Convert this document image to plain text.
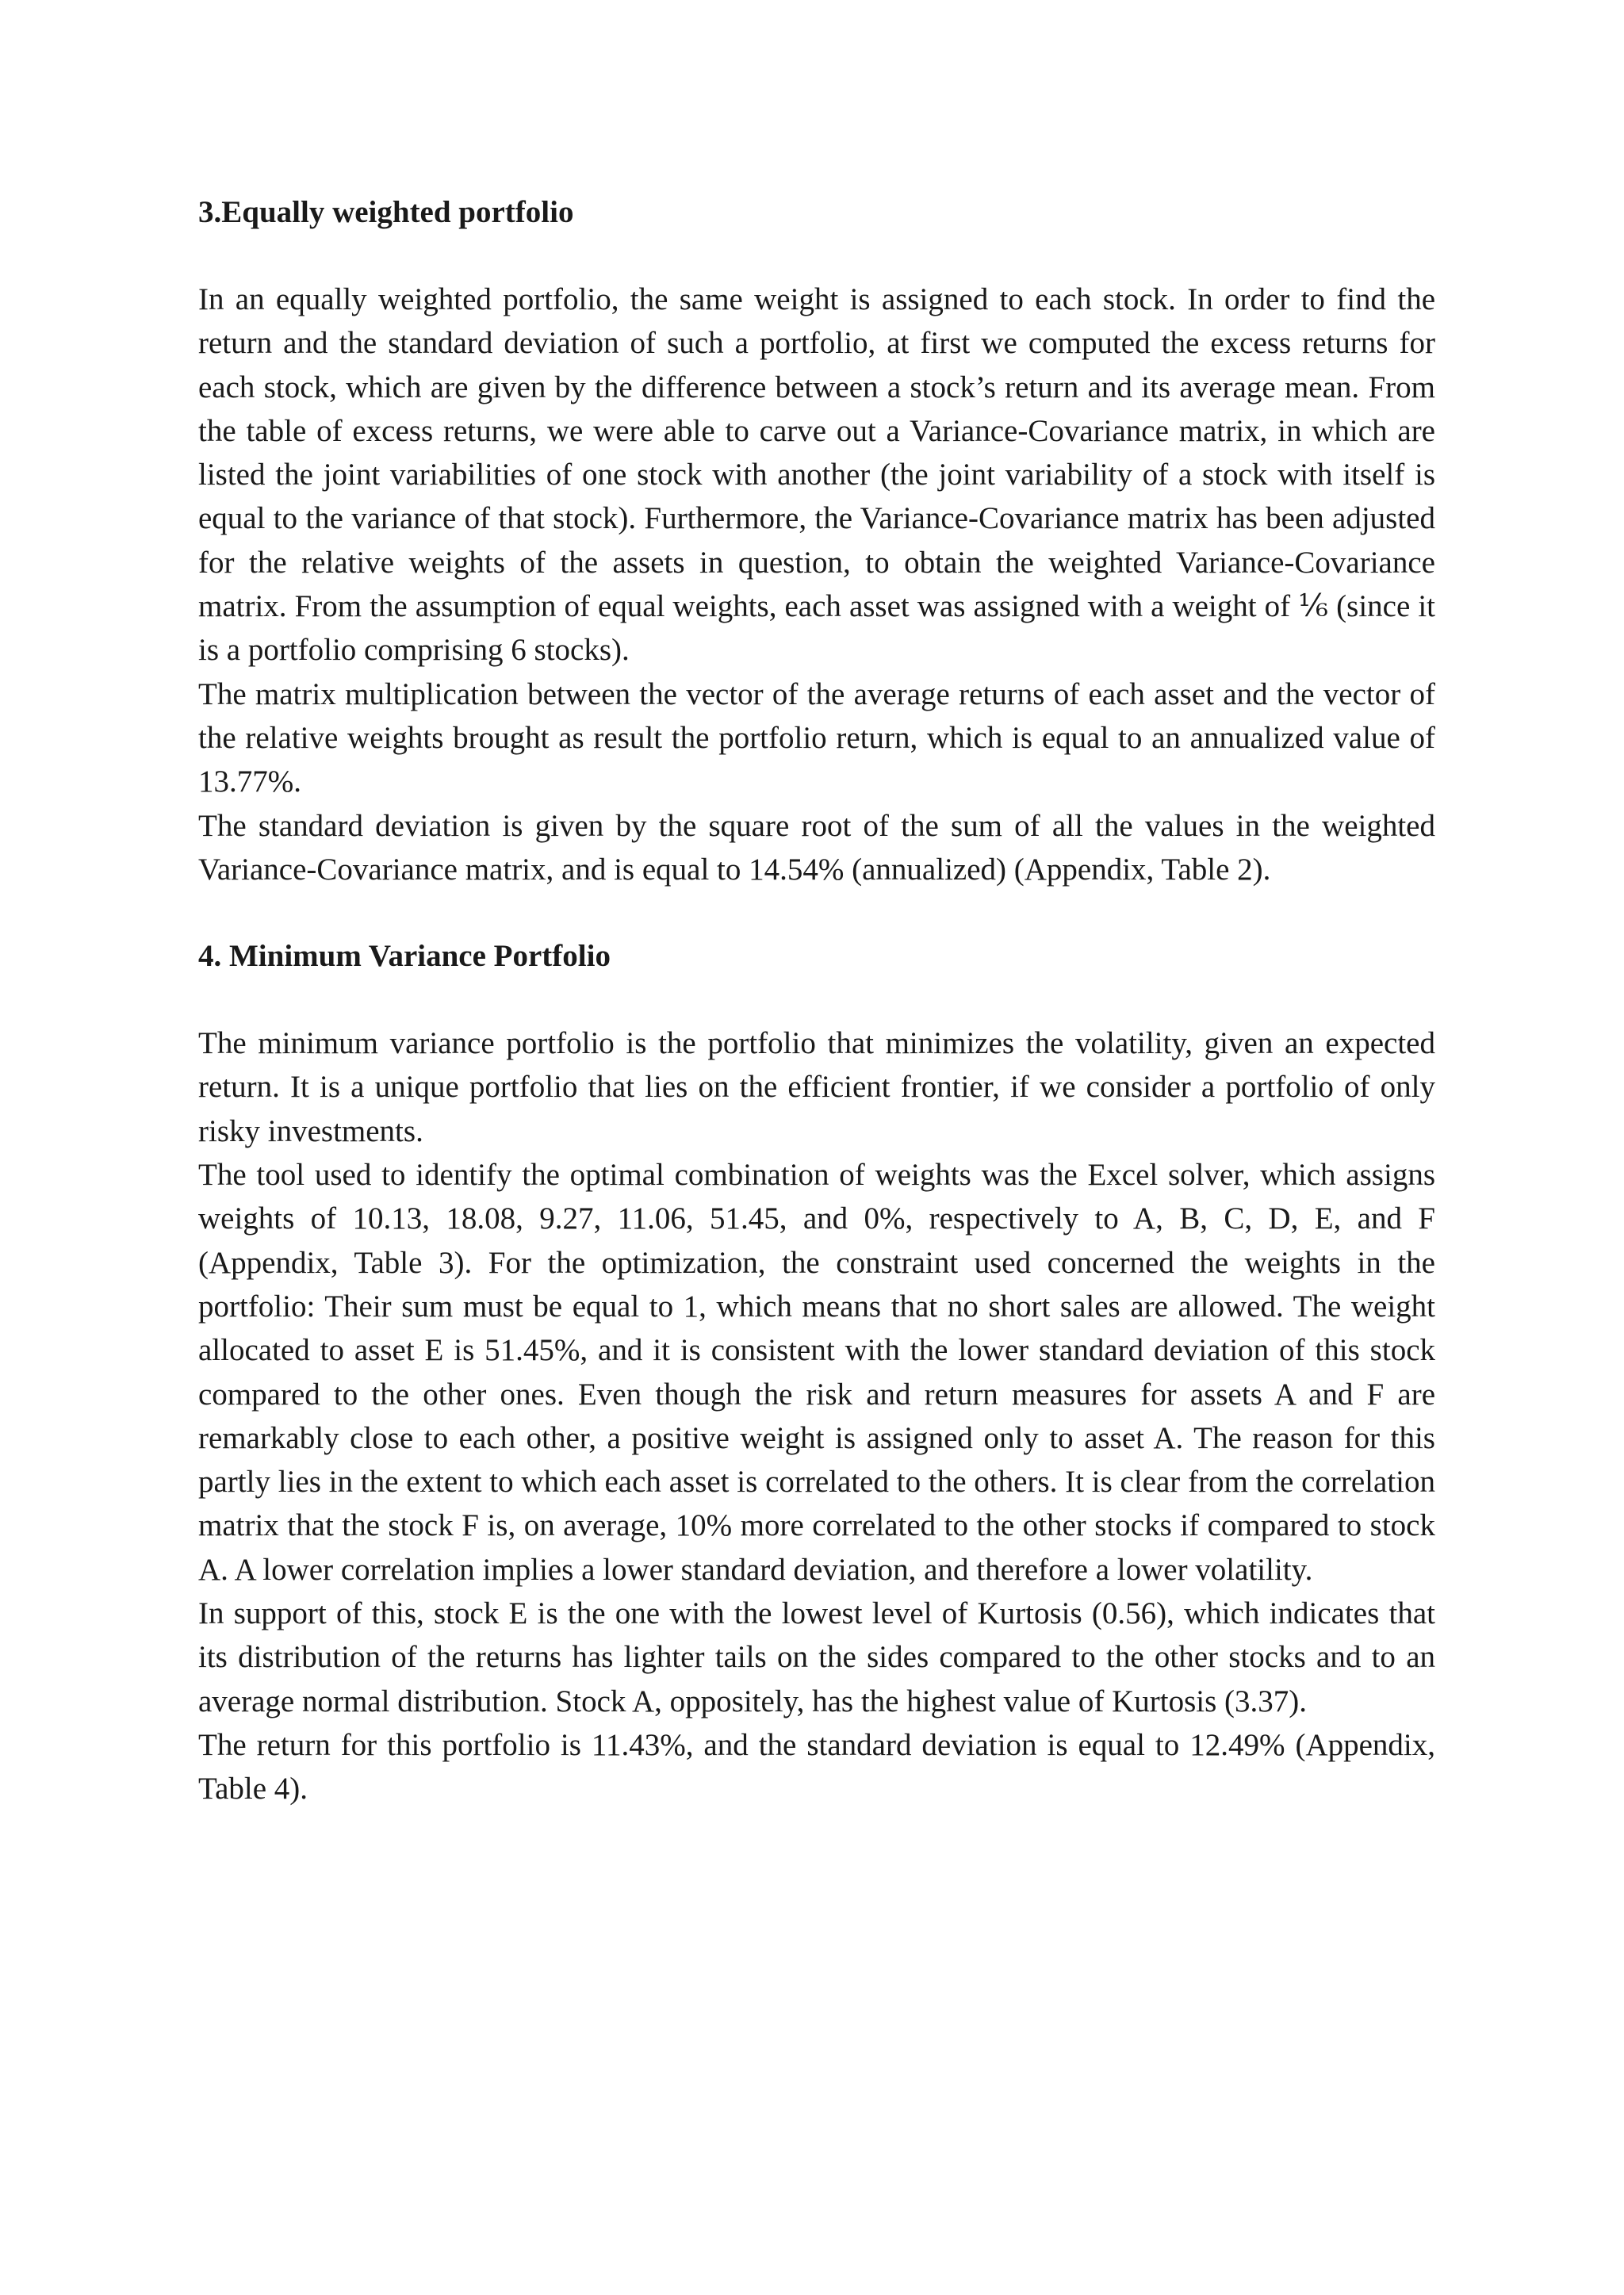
3.Equally weighted portfolio

In an equally weighted portfolio, the same weight is assigned to each stock. In order to find the return and the standard deviation of such a portfolio, at first we computed the excess returns for each stock, which are given by the difference between a stock’s return and its average mean. From the table of excess returns, we were able to carve out a Variance-Covariance matrix, in which are listed the joint variabilities of one stock with another (the joint variability of a stock with itself is equal to the variance of that stock). Furthermore, the Variance-Covariance matrix has been adjusted for the relative weights of the assets in question, to obtain the weighted Variance-Covariance matrix. From the assumption of equal weights, each asset was assigned with a weight of ⅙ (since it is a portfolio comprising 6 stocks).

The matrix multiplication between the vector of the average returns of each asset and the vector of the relative weights brought as result the portfolio return, which is equal to an annualized value of 13.77%.

The standard deviation is given by the square root of the sum of all the values in the weighted Variance-Covariance matrix, and is equal to 14.54% (annualized) (Appendix, Table 2).

4. Minimum Variance Portfolio

The minimum variance portfolio is the portfolio that minimizes the volatility, given an expected return. It is a unique portfolio that lies on the efficient frontier, if we consider a portfolio of only risky investments.

The tool used to identify the optimal combination of weights was the Excel solver, which assigns weights of 10.13, 18.08, 9.27, 11.06, 51.45, and 0%, respectively to A, B, C, D, E, and F (Appendix, Table 3). For the optimization, the constraint used concerned the weights in the portfolio: Their sum must be equal to 1, which means that no short sales are allowed. The weight allocated to asset E is 51.45%, and it is consistent with the lower standard deviation of this stock compared to the other ones. Even though the risk and return measures for assets A and F are remarkably close to each other, a positive weight is assigned only to asset A. The reason for this partly lies in the extent to which each asset is correlated to the others. It is clear from the correlation matrix that the stock F is, on average, 10% more correlated to the other stocks if compared to stock A. A lower correlation implies a lower standard deviation, and therefore a lower volatility.

In support of this, stock E is the one with the lowest level of Kurtosis (0.56), which indicates that its distribution of the returns has lighter tails on the sides compared to the other stocks and to an average normal distribution. Stock A, oppositely, has the highest value of Kurtosis (3.37).

The return for this portfolio is 11.43%, and the standard deviation is equal to 12.49% (Appendix, Table 4).
